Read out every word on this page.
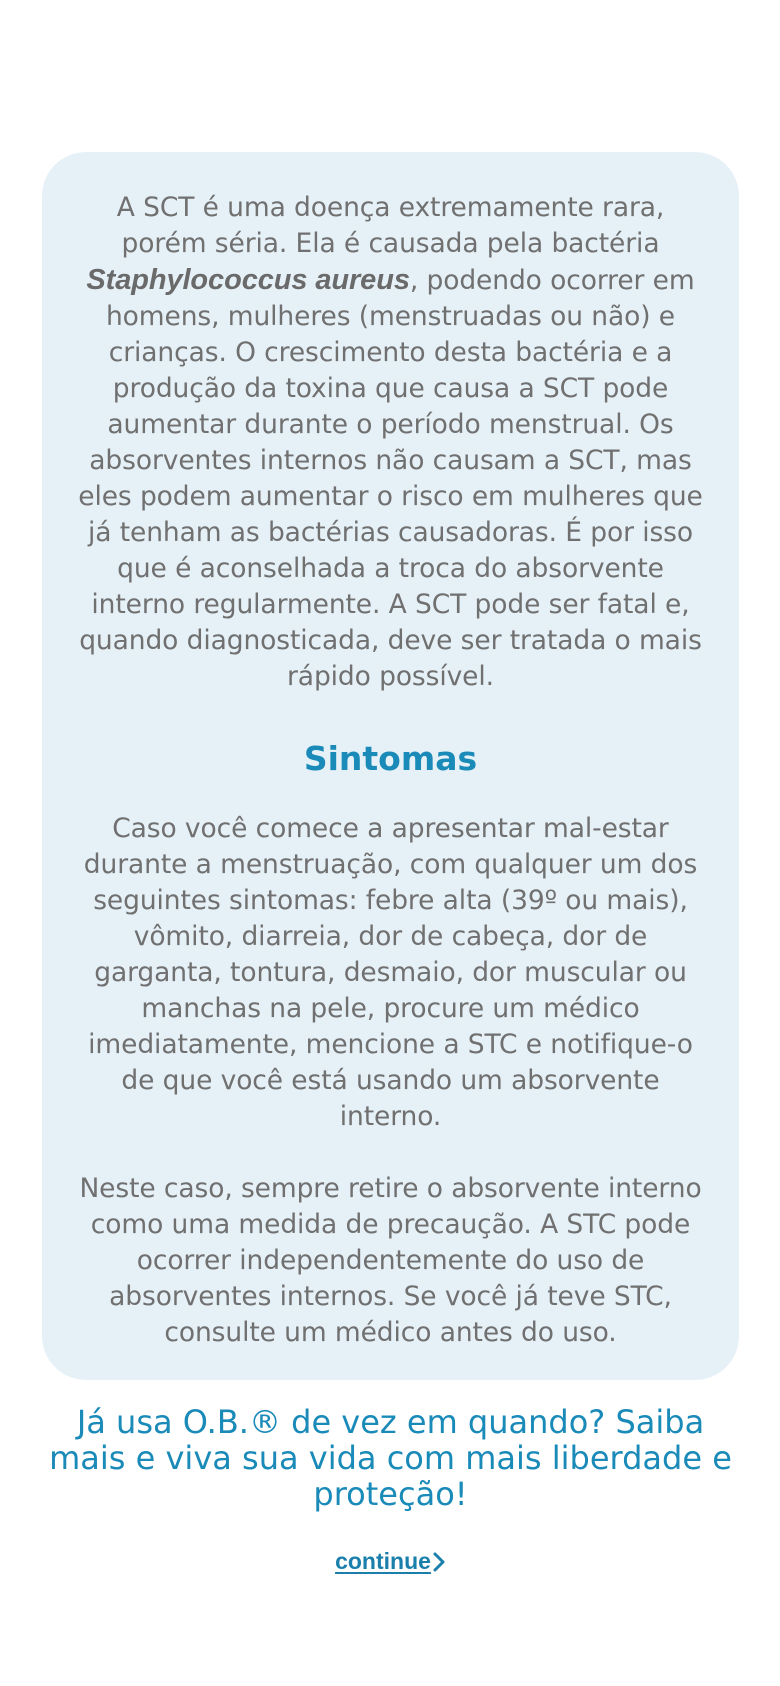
A SCT é uma doença extremamente rara, porém séria. Ela é causada pela bactéria Staphylococcus aureus, podendo ocorrer em homens, mulheres (menstruadas ou não) e crianças. O crescimento desta bactéria e a produção da toxina que causa a SCT pode aumentar durante o período menstrual. Os absorventes internos não causam a SCT, mas eles podem aumentar o risco em mulheres que já tenham as bactérias causadoras. É por isso que é aconselhada a troca do absorvente interno regularmente. A SCT pode ser fatal e, quando diagnosticada, deve ser tratada o mais rápido possível.

Sintomas

Caso você comece a apresentar mal-estar durante a menstruação, com qualquer um dos seguintes sintomas: febre alta (39º ou mais), vômito, diarreia, dor de cabeça, dor de garganta, tontura, desmaio, dor muscular ou manchas na pele, procure um médico imediatamente, mencione a STC e notifique-o de que você está usando um absorvente interno.

Neste caso, sempre retire o absorvente interno como uma medida de precaução. A STC pode ocorrer independentemente do uso de absorventes internos. Se você já teve STC, consulte um médico antes do uso.

Já usa O.B.® de vez em quando? Saiba mais e viva sua vida com mais liberdade e proteção!

continue
